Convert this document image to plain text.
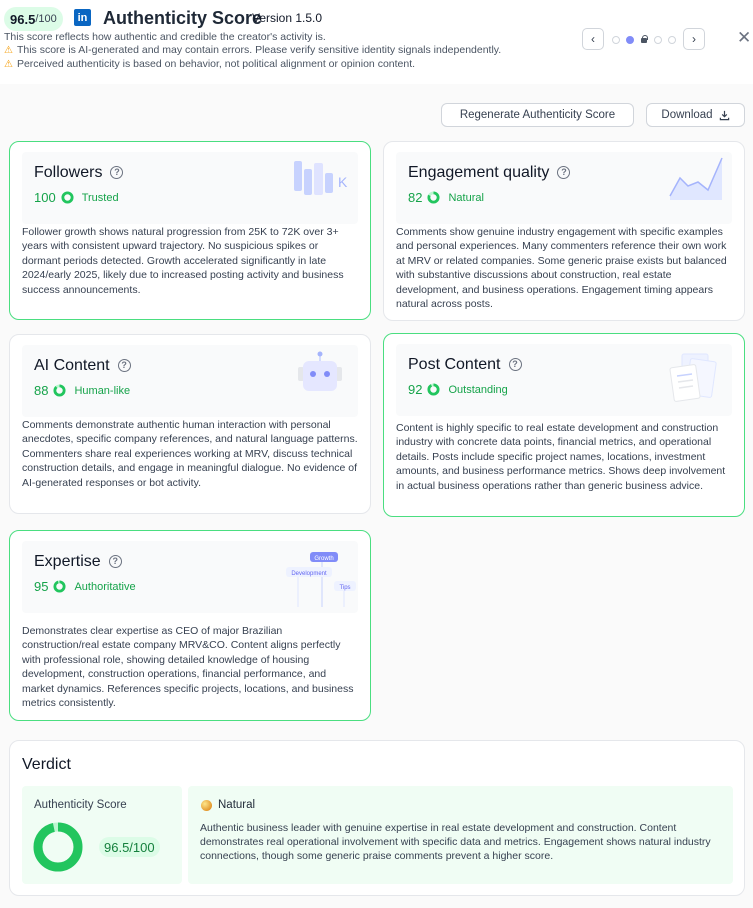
96.5 /100 in Authenticity Score
Version 1.5.0
This score reflects how authentic and credible the creator's activity is.
⚠ This score is AI-generated and may contain errors. Please verify sensitive identity signals independently.
⚠ Perceived authenticity is based on behavior, not political alignment or opinion content.
‹	› ✕
Regenerate Authenticity Score	Download
Followers ?
100 Trusted
K
Follower growth shows natural progression from 25K to 72K over 3+ years with consistent upward trajectory. No suspicious spikes or dormant periods detected. Growth accelerated significantly in late 2024/early 2025, likely due to increased posting activity and business success announcements.
Engagement quality ?
82 Natural
Comments show genuine industry engagement with specific examples and personal experiences. Many commenters reference their own work at MRV or related companies. Some generic praise exists but balanced with substantive discussions about construction, real estate development, and business operations. Engagement timing appears natural across posts.
AI Content ?
88 Human-like
Comments demonstrate authentic human interaction with personal anecdotes, specific company references, and natural language patterns. Commenters share real experiences working at MRV, discuss technical construction details, and engage in meaningful dialogue. No evidence of AI-generated responses or bot activity.
Post Content ?
92 Outstanding
Content is highly specific to real estate development and construction industry with concrete data points, financial metrics, and operational details. Posts include specific project names, locations, investment amounts, and business performance metrics. Shows deep involvement in actual business operations rather than generic business advice.
Expertise ?
95 Authoritative
Growth
Development
Tips
Demonstrates clear expertise as CEO of major Brazilian construction/real estate company MRV&CO. Content aligns perfectly with professional role, showing detailed knowledge of housing development, construction operations, financial performance, and market dynamics. References specific projects, locations, and business metrics consistently.
Verdict
Authenticity Score
96.5/100
Natural
Authentic business leader with genuine expertise in real estate development and construction. Content demonstrates real operational involvement with specific data and metrics. Engagement shows natural industry connections, though some generic praise comments prevent a higher score.
